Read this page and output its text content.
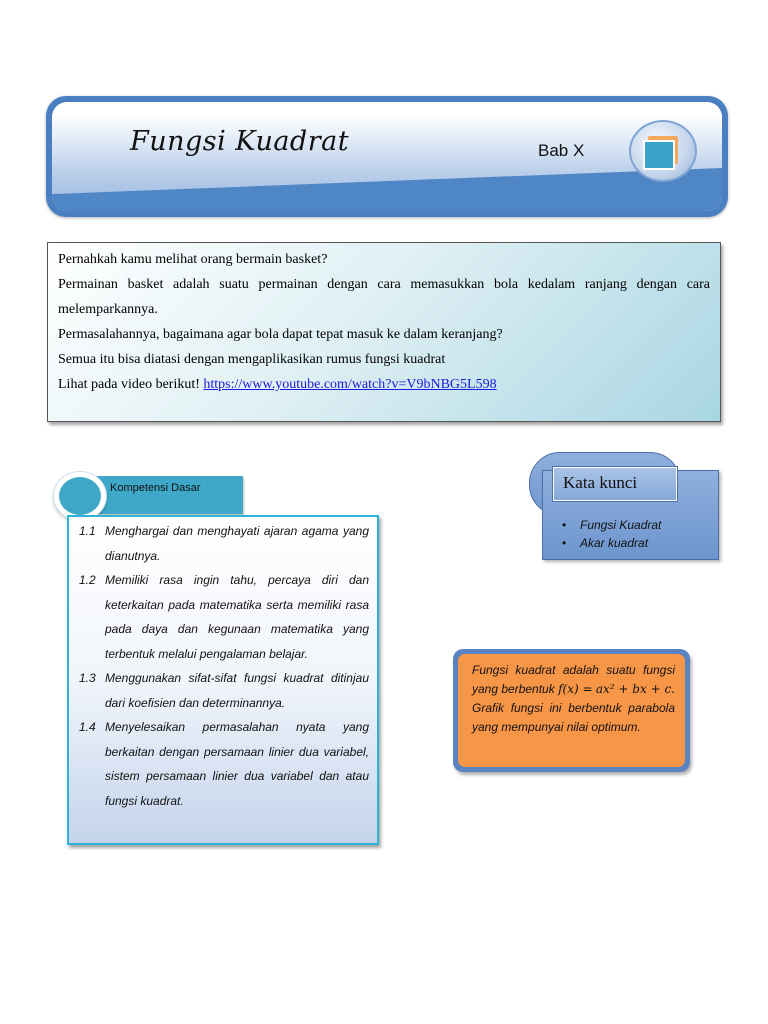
Fungsi Kuadrat	Bab X

Pernahkah kamu melihat orang bermain basket?

Permainan basket adalah suatu permainan dengan cara memasukkan bola kedalam ranjang dengan cara melemparkannya.

Permasalahannya, bagaimana agar bola dapat tepat masuk ke dalam keranjang?

Semua itu bisa diatasi dengan mengaplikasikan rumus fungsi kuadrat

Lihat pada video berikut! https://www.youtube.com/watch?v=V9bNBG5L598

Kompetensi Dasar
1.1 Menghargai dan menghayati ajaran agama yang dianutnya.
1.2 Memiliki rasa ingin tahu, percaya diri dan keterkaitan pada matematika serta memiliki rasa pada daya dan kegunaan matematika yang terbentuk melalui pengalaman belajar.
1.3 Menggunakan sifat-sifat fungsi kuadrat ditinjau dari koefisien dan determinannya.
1.4 Menyelesaikan permasalahan nyata yang berkaitan dengan persamaan linier dua variabel, sistem persamaan linier dua variabel dan atau fungsi kuadrat.
Kata kunci
• Fungsi Kuadrat
• Akar kuadrat
Fungsi kuadrat adalah suatu fungsi yang berbentuk f(x) = ax² + bx + c. Grafik fungsi ini berbentuk parabola yang mempunyai nilai optimum.
